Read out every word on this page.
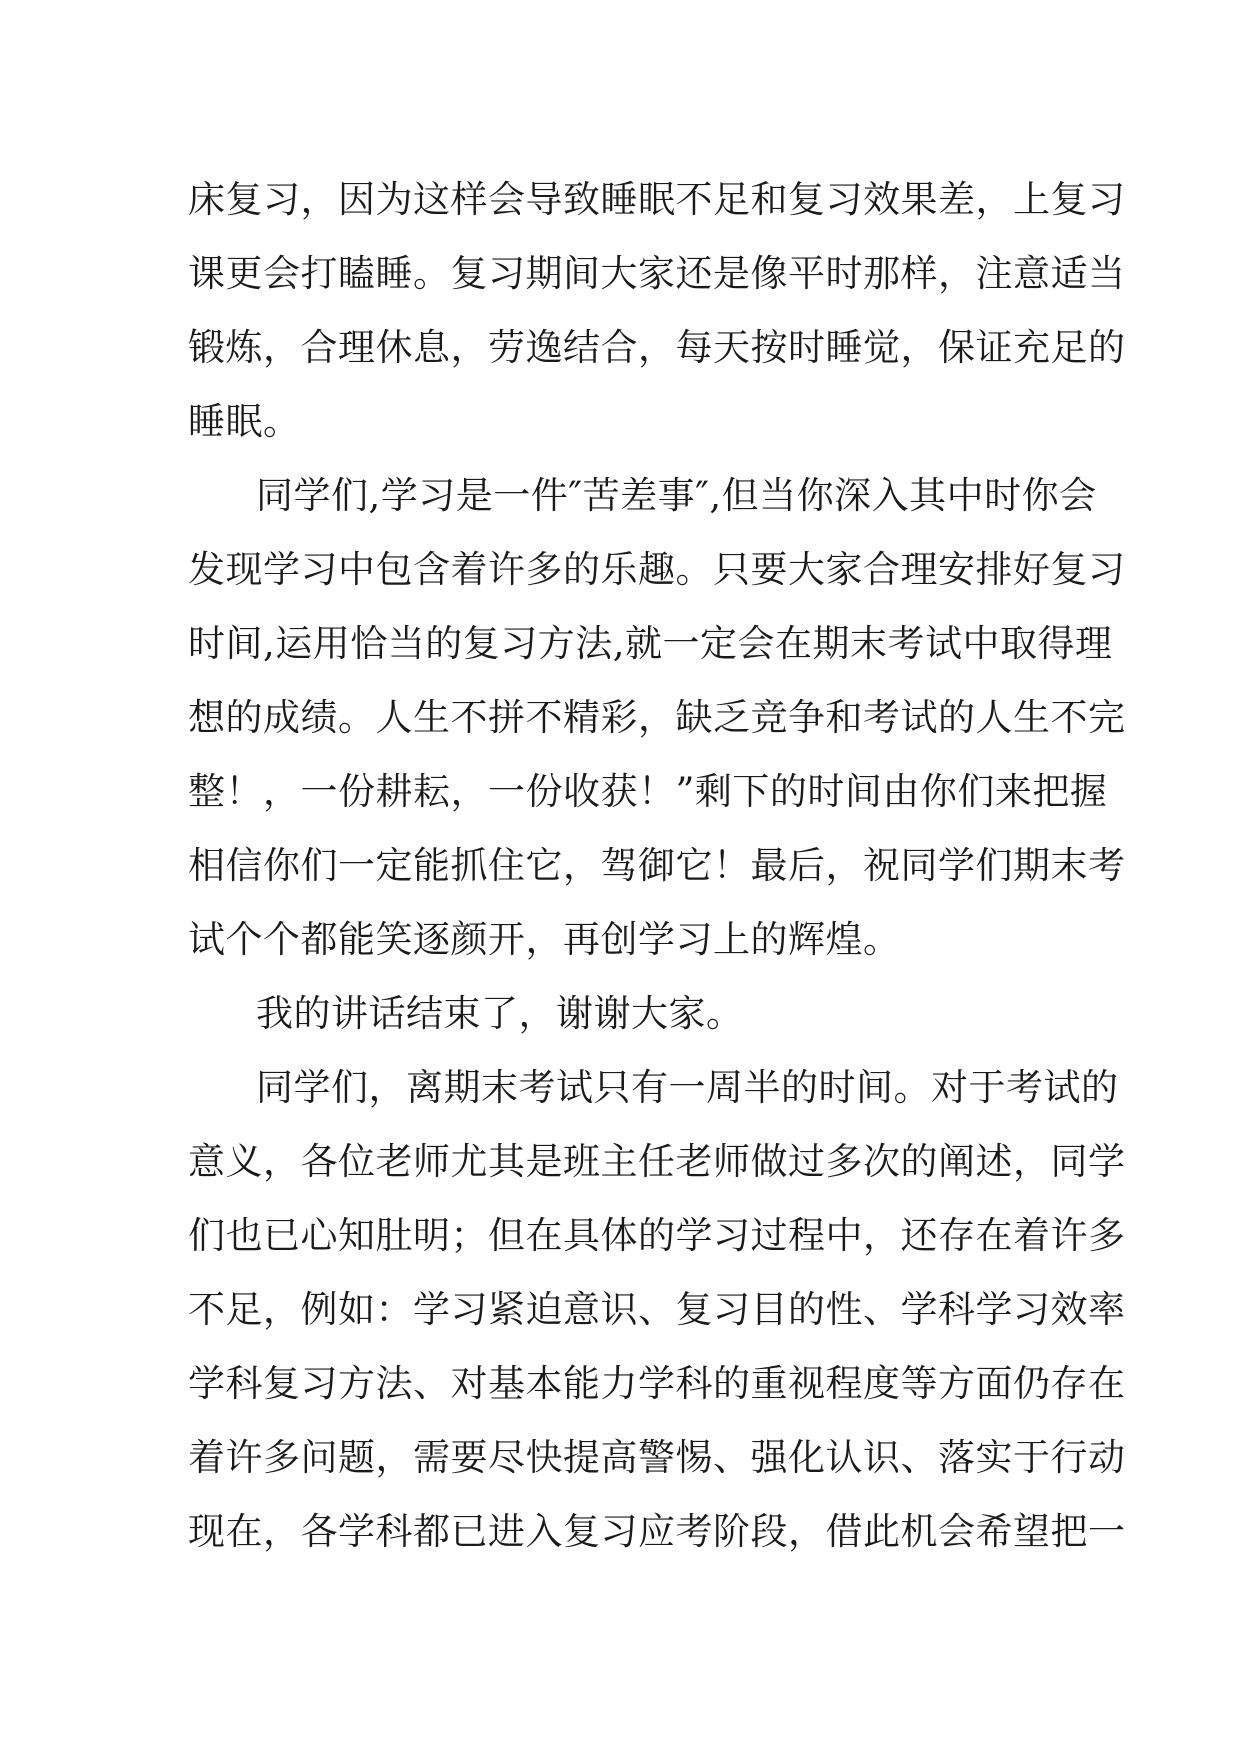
床复习，因为这样会导致睡眠不足和复习效果差，上复习
课更会打瞌睡。复习期间大家还是像平时那样，注意适当
锻炼，合理休息，劳逸结合，每天按时睡觉，保证充足的
睡眠。
同学们,学习是一件″苦差事″,但当你深入其中时你会
发现学习中包含着许多的乐趣。只要大家合理安排好复习
时间,运用恰当的复习方法,就一定会在期末考试中取得理
想的成绩。人生不拼不精彩，缺乏竞争和考试的人生不完
整！，一份耕耘，一份收获！”剩下的时间由你们来把握
相信你们一定能抓住它，驾御它！最后，祝同学们期末考
试个个都能笑逐颜开，再创学习上的辉煌。
我的讲话结束了，谢谢大家。
同学们，离期末考试只有一周半的时间。对于考试的
意义，各位老师尤其是班主任老师做过多次的阐述，同学
们也已心知肚明；但在具体的学习过程中，还存在着许多
不足，例如：学习紧迫意识、复习目的性、学科学习效率
学科复习方法、对基本能力学科的重视程度等方面仍存在
着许多问题，需要尽快提高警惕、强化认识、落实于行动
现在，各学科都已进入复习应考阶段，借此机会希望把一
